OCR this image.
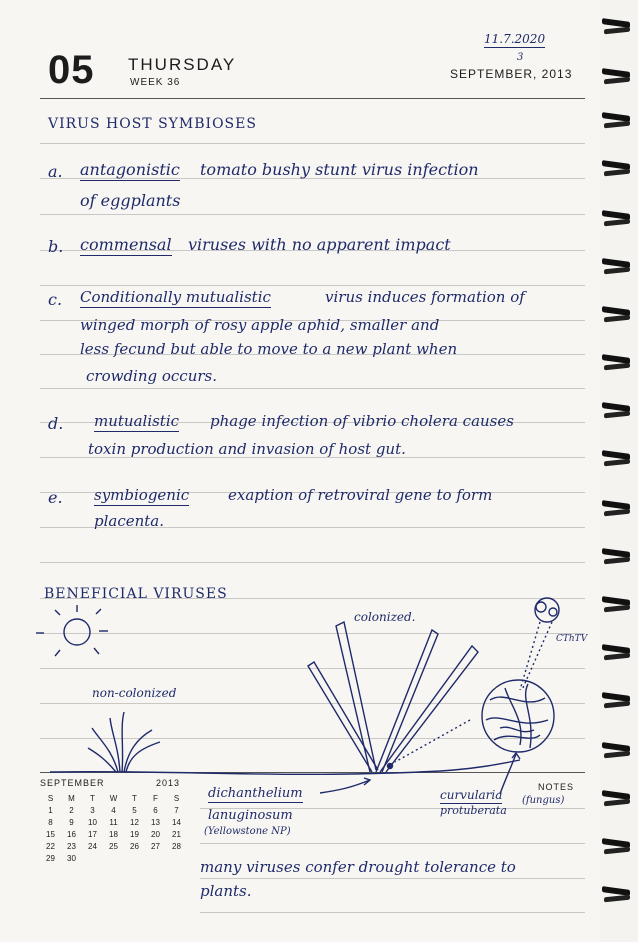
05 THURSDAY
WEEK 36
SEPTEMBER, 2013
11.7.2020
3
VIRUS HOST SYMBIOSES
a. antagonistic tomato bushy stunt virus infection
of eggplants
b. commensal viruses with no apparent impact
c. Conditionally mutualistic	virus induces formation of
winged morph of rosy apple aphid, smaller and
less fecund but able to move to a new plant when
crowding occurs.
d. mutualistic phage infection of vibrio cholera causes
toxin production and invasion of host gut.
e. symbiogenic	exaption of retroviral gene to form
placenta.
BENEFICIAL VIRUSES
colonized.
non-colonized
CThTV
dichanthelium
lanuginosum
(Yellowstone NP)
curvularia
protuberata
(fungus)
many viruses confer drought tolerance to
plants.
NOTES
SEPTEMBER	2013
S	M	T	W	T	F	S
1	2	3	4	5	6	7
8	9	10	11	12	13	14
15	16	17	18	19	20	21
22	23	24	25	26	27	28
29	30
